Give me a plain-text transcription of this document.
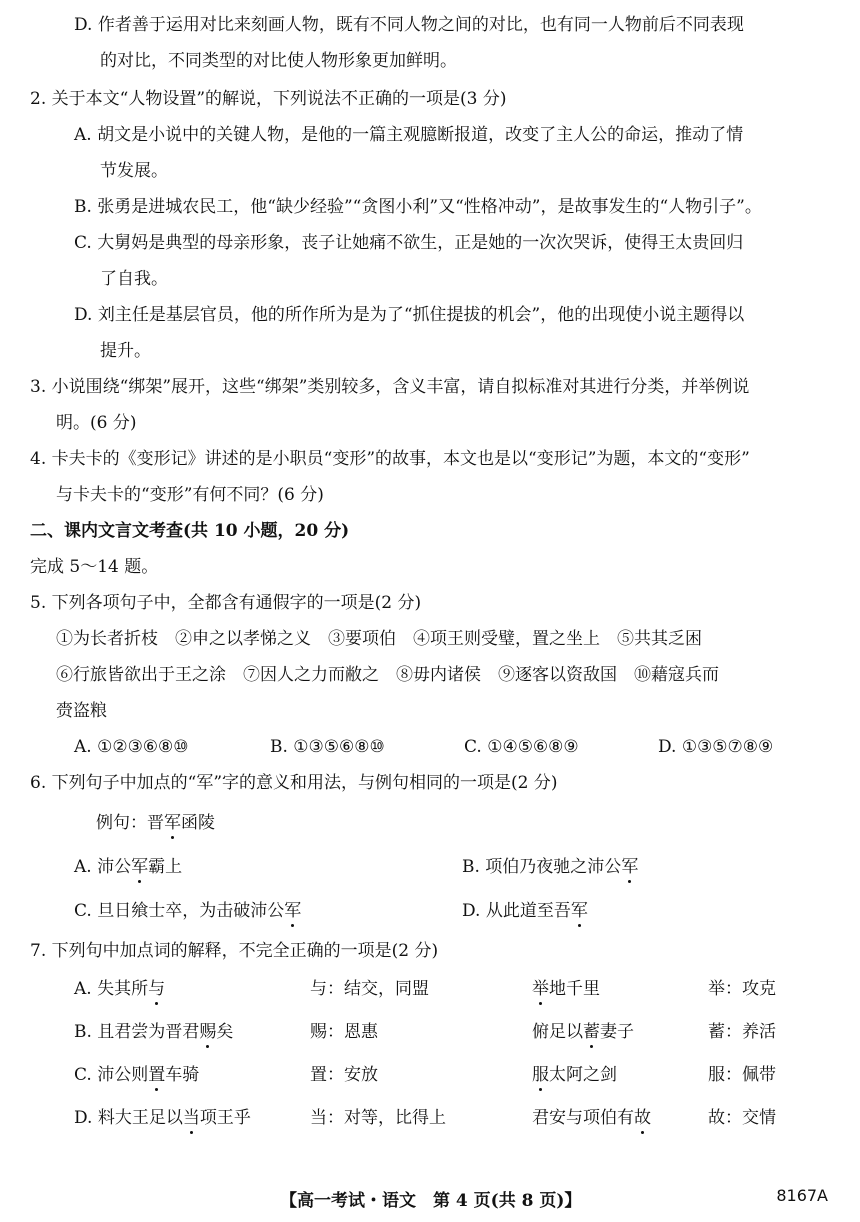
D. 作者善于运用对比来刻画人物，既有不同人物之间的对比，也有同一人物前后不同表现
的对比，不同类型的对比使人物形象更加鲜明。
2. 关于本文“人物设置”的解说，下列说法不正确的一项是(3 分)
A. 胡文是小说中的关键人物，是他的一篇主观臆断报道，改变了主人公的命运，推动了情
节发展。
B. 张勇是进城农民工，他“缺少经验”“贪图小利”又“性格冲动”，是故事发生的“人物引子”。
C. 大舅妈是典型的母亲形象，丧子让她痛不欲生，正是她的一次次哭诉，使得王太贵回归
了自我。
D. 刘主任是基层官员，他的所作所为是为了“抓住提拔的机会”，他的出现使小说主题得以
提升。
3. 小说围绕“绑架”展开，这些“绑架”类别较多，含义丰富，请自拟标准对其进行分类，并举例说
明。(6 分)
4. 卡夫卡的《变形记》讲述的是小职员“变形”的故事，本文也是以“变形记”为题，本文的“变形”
与卡夫卡的“变形”有何不同？(6 分)
二、课内文言文考查(共 10 小题，20 分)
完成 5～14 题。
5. 下列各项句子中，全都含有通假字的一项是(2 分)
①为长者折枝　②申之以孝悌之义　③要项伯　④项王则受璧，置之坐上　⑤共其乏困
⑥行旅皆欲出于王之涂　⑦因人之力而敝之　⑧毋内诸侯　⑨逐客以资敌国　⑩藉寇兵而
赍盗粮
A. ①②③⑥⑧⑩	B. ①③⑤⑥⑧⑩	C. ①④⑤⑥⑧⑨	D. ①③⑤⑦⑧⑨
6. 下列句子中加点的“军”字的意义和用法，与例句相同的一项是(2 分)
例句：晋军函陵
A. 沛公军霸上	B. 项伯乃夜驰之沛公军
C. 旦日飨士卒，为击破沛公军	D. 从此道至吾军
7. 下列句中加点词的解释，不完全正确的一项是(2 分)
A. 失其所与	与：结交，同盟	举地千里	举：攻克
B. 且君尝为晋君赐矣	赐：恩惠	俯足以蓄妻子	蓄：养活
C. 沛公则置车骑	置：安放	服太阿之剑	服：佩带
D. 料大王足以当项王乎	当：对等，比得上	君安与项伯有故	故：交情
【高一考试・语文　第 4 页(共 8 页)】	8167A
